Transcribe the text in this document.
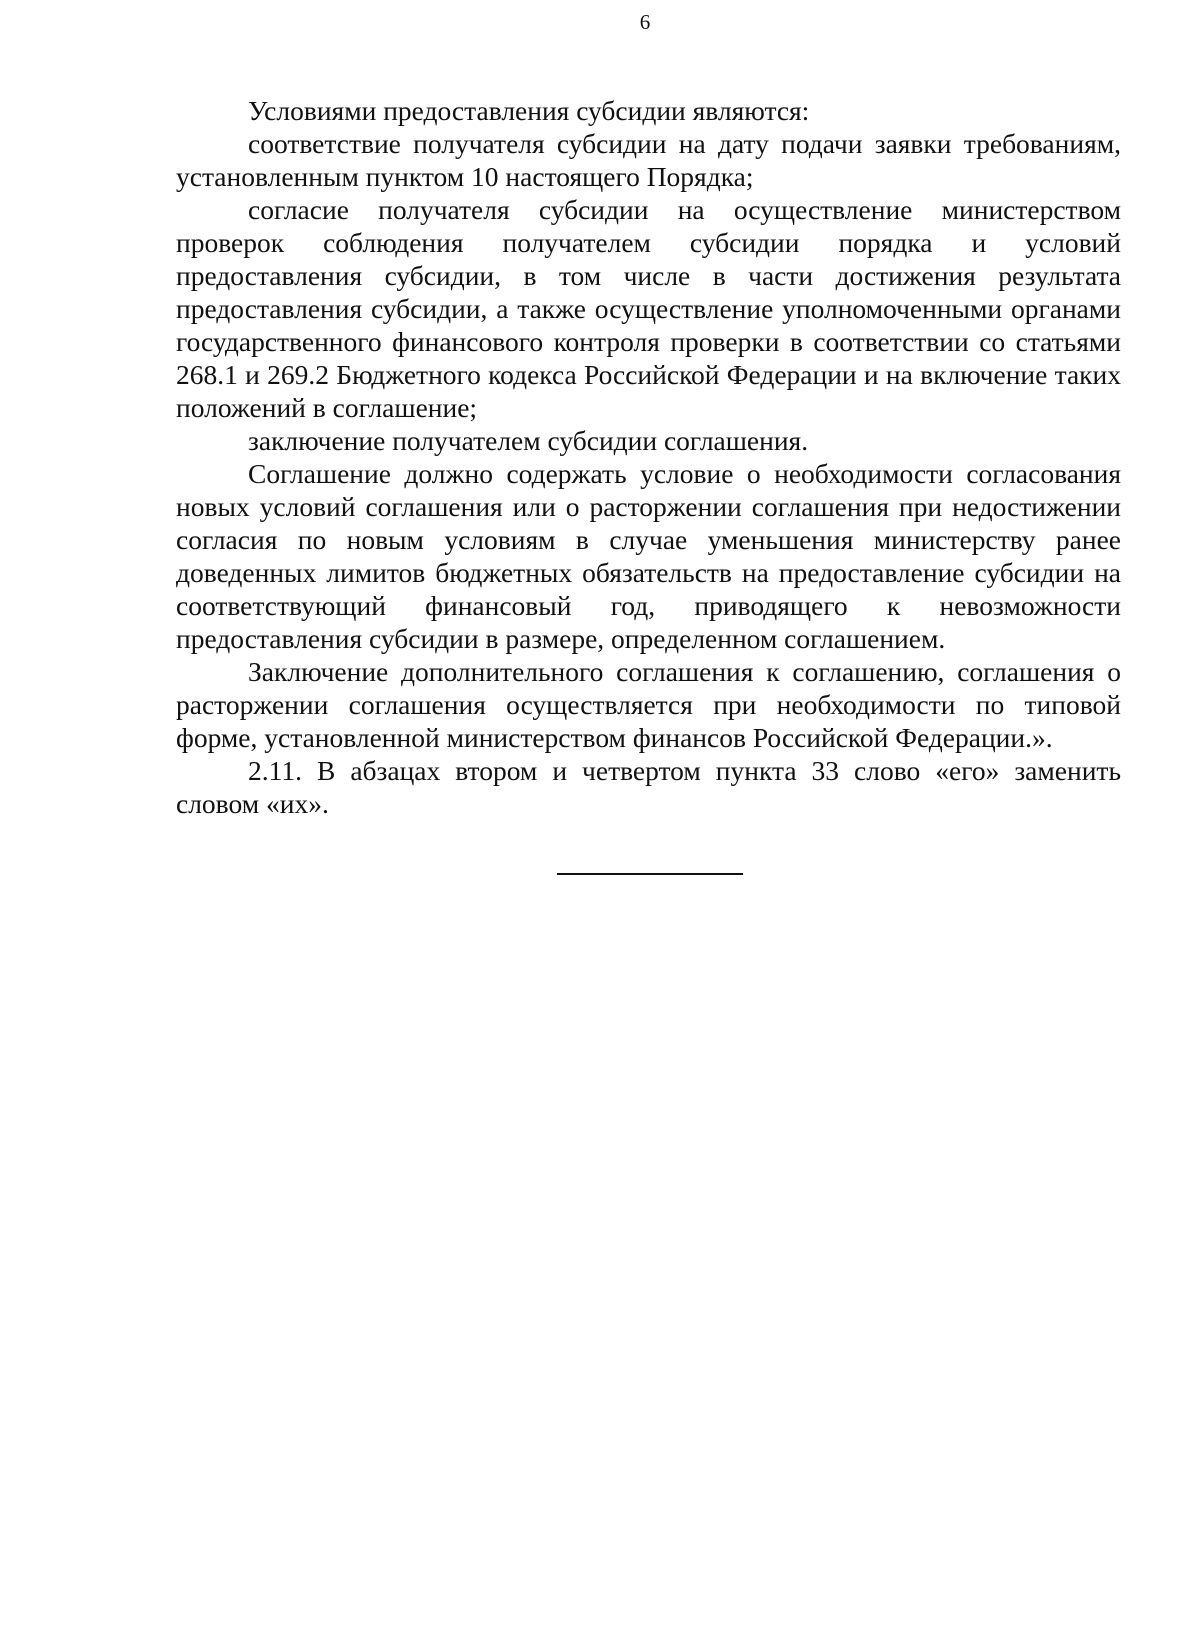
6

Условиями предоставления субсидии являются:

соответствие получателя субсидии на дату подачи заявки требованиям, установленным пунктом 10 настоящего Порядка;

согласие получателя субсидии на осуществление министерством проверок соблюдения получателем субсидии порядка и условий предоставления субсидии, в том числе в части достижения результата предоставления субсидии, а также осуществление уполномоченными органами государственного финансового контроля проверки в соответствии со статьями 268.1 и 269.2 Бюджетного кодекса Российской Федерации и на включение таких положений в соглашение;

заключение получателем субсидии соглашения.

Соглашение должно содержать условие о необходимости согласования новых условий соглашения или о расторжении соглашения при недостижении согласия по новым условиям в случае уменьшения министерству ранее доведенных лимитов бюджетных обязательств на предоставление субсидии на соответствующий финансовый год, приводящего к невозможности предоставления субсидии в размере, определенном соглашением.

Заключение дополнительного соглашения к соглашению, соглашения о расторжении соглашения осуществляется при необходимости по типовой форме, установленной министерством финансов Российской Федерации.».

2.11. В абзацах втором и четвертом пункта 33 слово «его» заменить словом «их».
